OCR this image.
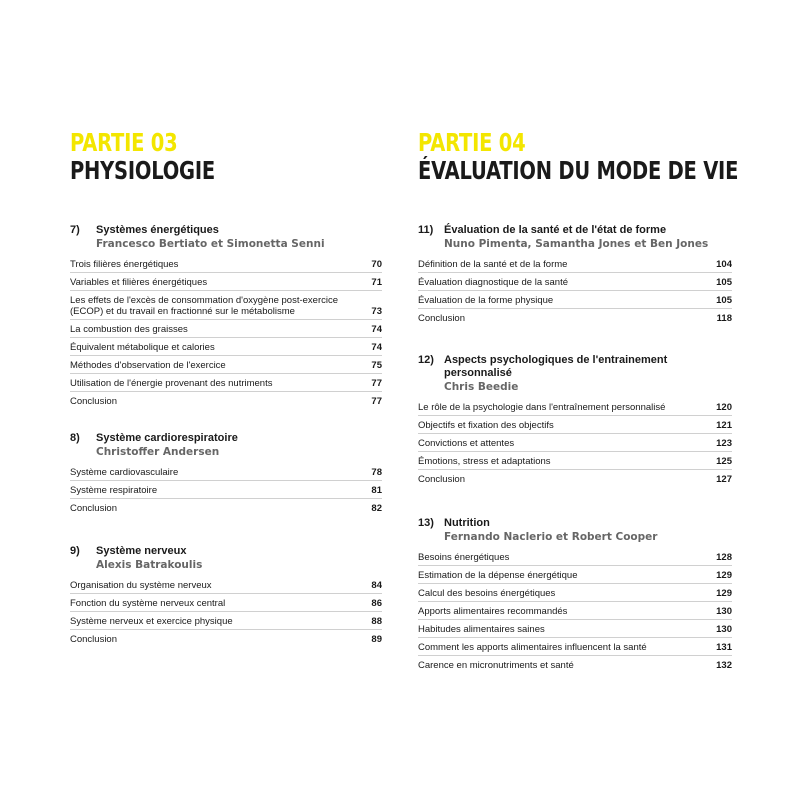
PARTIE 03
PHYSIOLOGIE
7)	Systèmes énergétiques
Francesco Bertiato et Simonetta Senni
Trois filières énergétiques	70
Variables et filières énergétiques	71
Les effets de l'excès de consommation d'oxygène post-exercice (ECOP) et du travail en fractionné sur le métabolisme	73
La combustion des graisses	74
Équivalent métabolique et calories	74
Méthodes d'observation de l'exercice	75
Utilisation de l'énergie provenant des nutriments	77
Conclusion	77
8)	Système cardiorespiratoire
Christoffer Andersen
Système cardiovasculaire	78
Système respiratoire	81
Conclusion	82
9)	Système nerveux
Alexis Batrakoulis
Organisation du système nerveux	84
Fonction du système nerveux central	86
Système nerveux et exercice physique	88
Conclusion	89
PARTIE 04
ÉVALUATION DU MODE DE VIE
11) Évaluation de la santé et de l'état de forme
Nuno Pimenta, Samantha Jones et Ben Jones
Définition de la santé et de la forme	104
Évaluation diagnostique de la santé	105
Évaluation de la forme physique	105
Conclusion	118
12) Aspects psychologiques de l'entrainement personnalisé
Chris Beedie
Le rôle de la psychologie dans l'entraînement personnalisé	120
Objectifs et fixation des objectifs	121
Convictions et attentes	123
Émotions, stress et adaptations	125
Conclusion	127
13) Nutrition
Fernando Naclerio et Robert Cooper
Besoins énergétiques	128
Estimation de la dépense énergétique	129
Calcul des besoins énergétiques	129
Apports alimentaires recommandés	130
Habitudes alimentaires saines	130
Comment les apports alimentaires influencent la santé	131
Carence en micronutriments et santé	132
